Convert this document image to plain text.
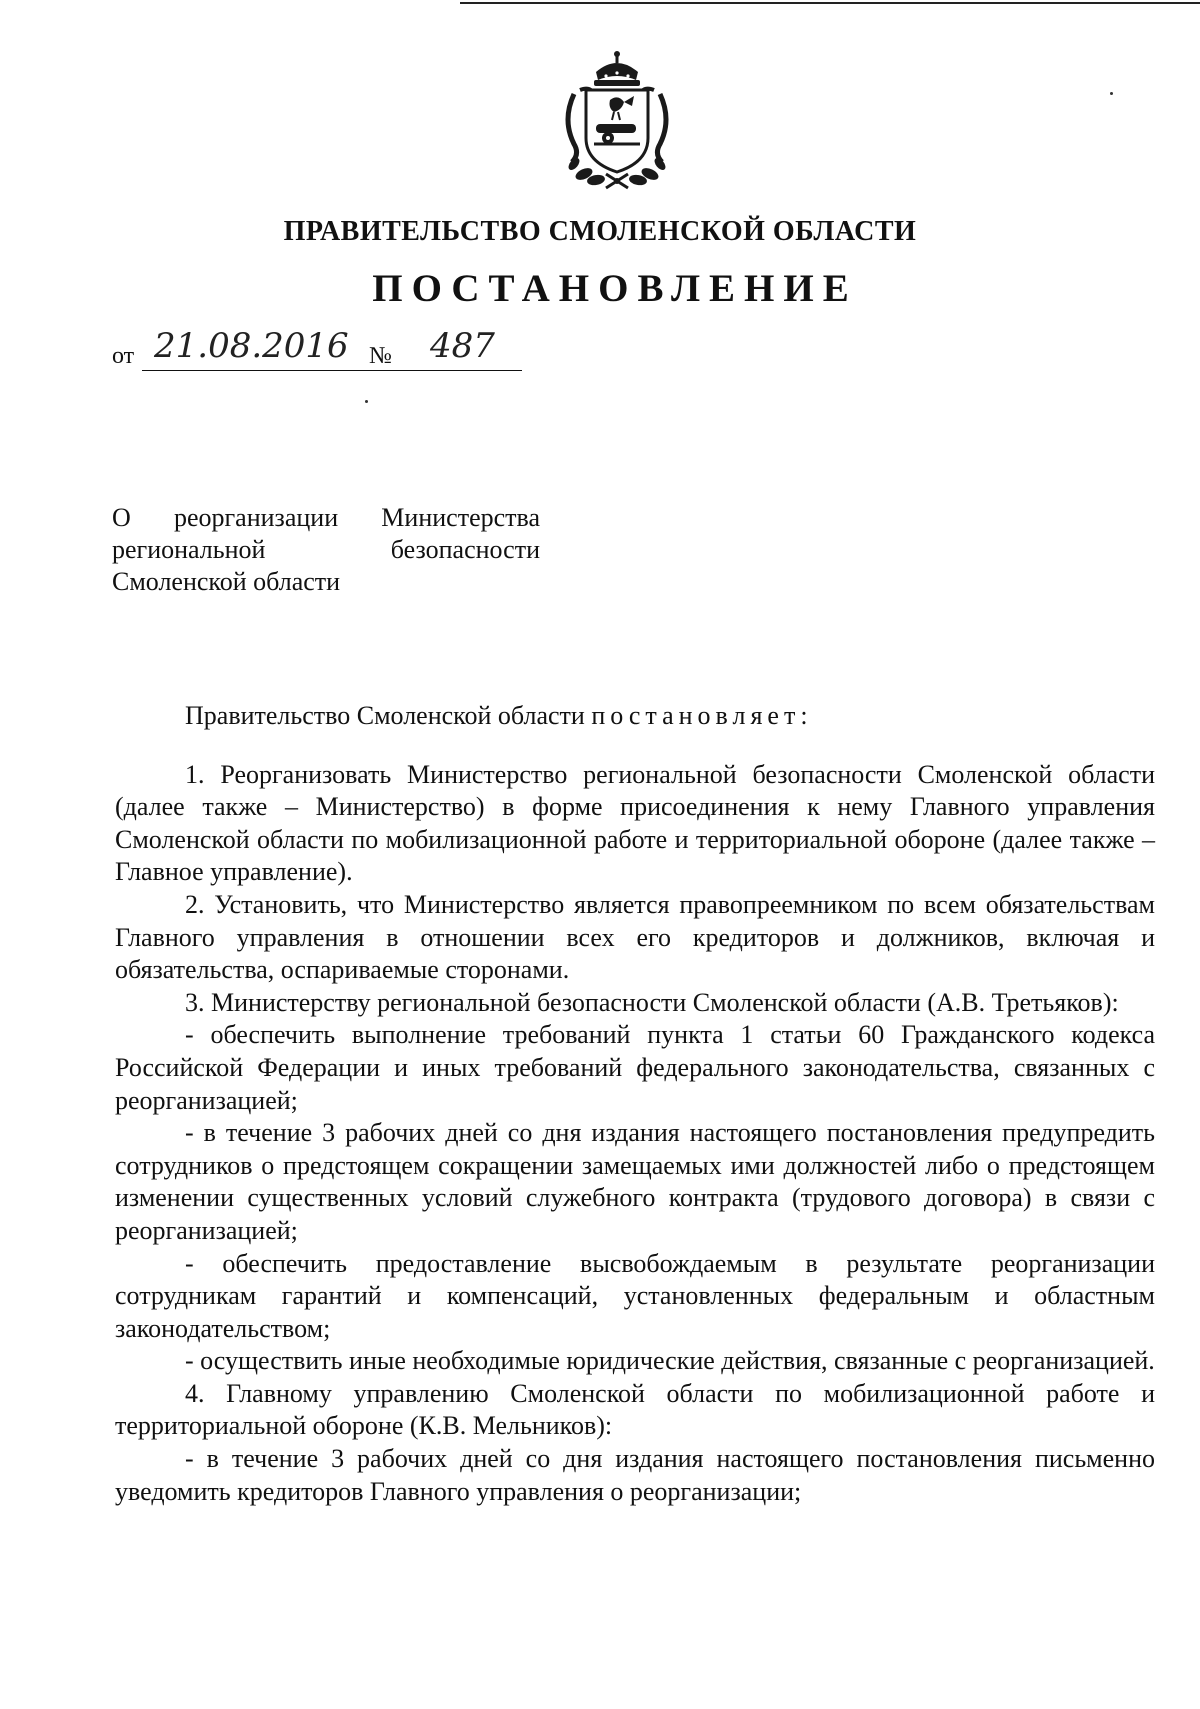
ПРАВИТЕЛЬСТВО СМОЛЕНСКОЙ ОБЛАСТИ
ПОСТАНОВЛЕНИЕ
от 21.08.2016 № 487
О реорганизации Министерства
региональной безопасности
Смоленской области

Правительство Смоленской области постановляет:

1. Реорганизовать Министерство региональной безопасности Смоленской области (далее также – Министерство) в форме присоединения к нему Главного управления Смоленской области по мобилизационной работе и территориальной обороне (далее также – Главное управление).

2. Установить, что Министерство является правопреемником по всем обязательствам Главного управления в отношении всех его кредиторов и должников, включая и обязательства, оспариваемые сторонами.

3. Министерству региональной безопасности Смоленской области (А.В. Третьяков):

- обеспечить выполнение требований пункта 1 статьи 60 Гражданского кодекса Российской Федерации и иных требований федерального законодательства, связанных с реорганизацией;

- в течение 3 рабочих дней со дня издания настоящего постановления предупредить сотрудников о предстоящем сокращении замещаемых ими должностей либо о предстоящем изменении существенных условий служебного контракта (трудового договора) в связи с реорганизацией;

- обеспечить предоставление высвобождаемым в результате реорганизации сотрудникам гарантий и компенсаций, установленных федеральным и областным законодательством;

- осуществить иные необходимые юридические действия, связанные с реорганизацией.

4. Главному управлению Смоленской области по мобилизационной работе и территориальной обороне (К.В. Мельников):

- в течение 3 рабочих дней со дня издания настоящего постановления письменно уведомить кредиторов Главного управления о реорганизации;
